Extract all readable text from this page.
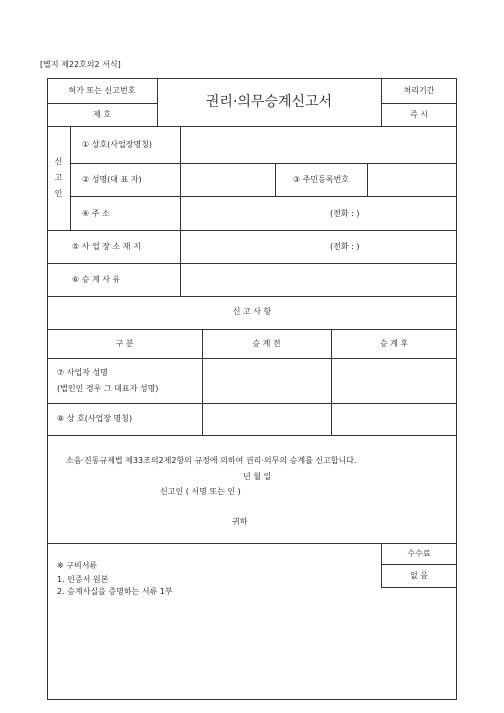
[별지 제22호의2 서식]
허가 또는 신고번호
제 호
권리·의무승계신고서
처리기간
즉 시
신
고
인
① 상호(사업장명칭)
② 성명(대 표 자)	③ 주민등록번호
④ 주 소	(전화 : )
⑤ 사 업 장 소 재 지	(전화 : )
⑥ 승 계 사 유
신 고 사 항
구 분	승 계 전	승 계 후
⑦ 사업자 성명
(법인인 경우 그 대표자 성명)
⑧ 상 호(사업장 명칭)
소음·진동규제법 제33조의2제2항의 규정에 의하여 권리·의무의 승계를 신고합니다.
년 월 일
신고인 ( 서명 또는 인 )
귀하
※ 구비서류
1. 인증서 원본
2. 승계사실을 증명하는 서류 1부
수수료
없 음
